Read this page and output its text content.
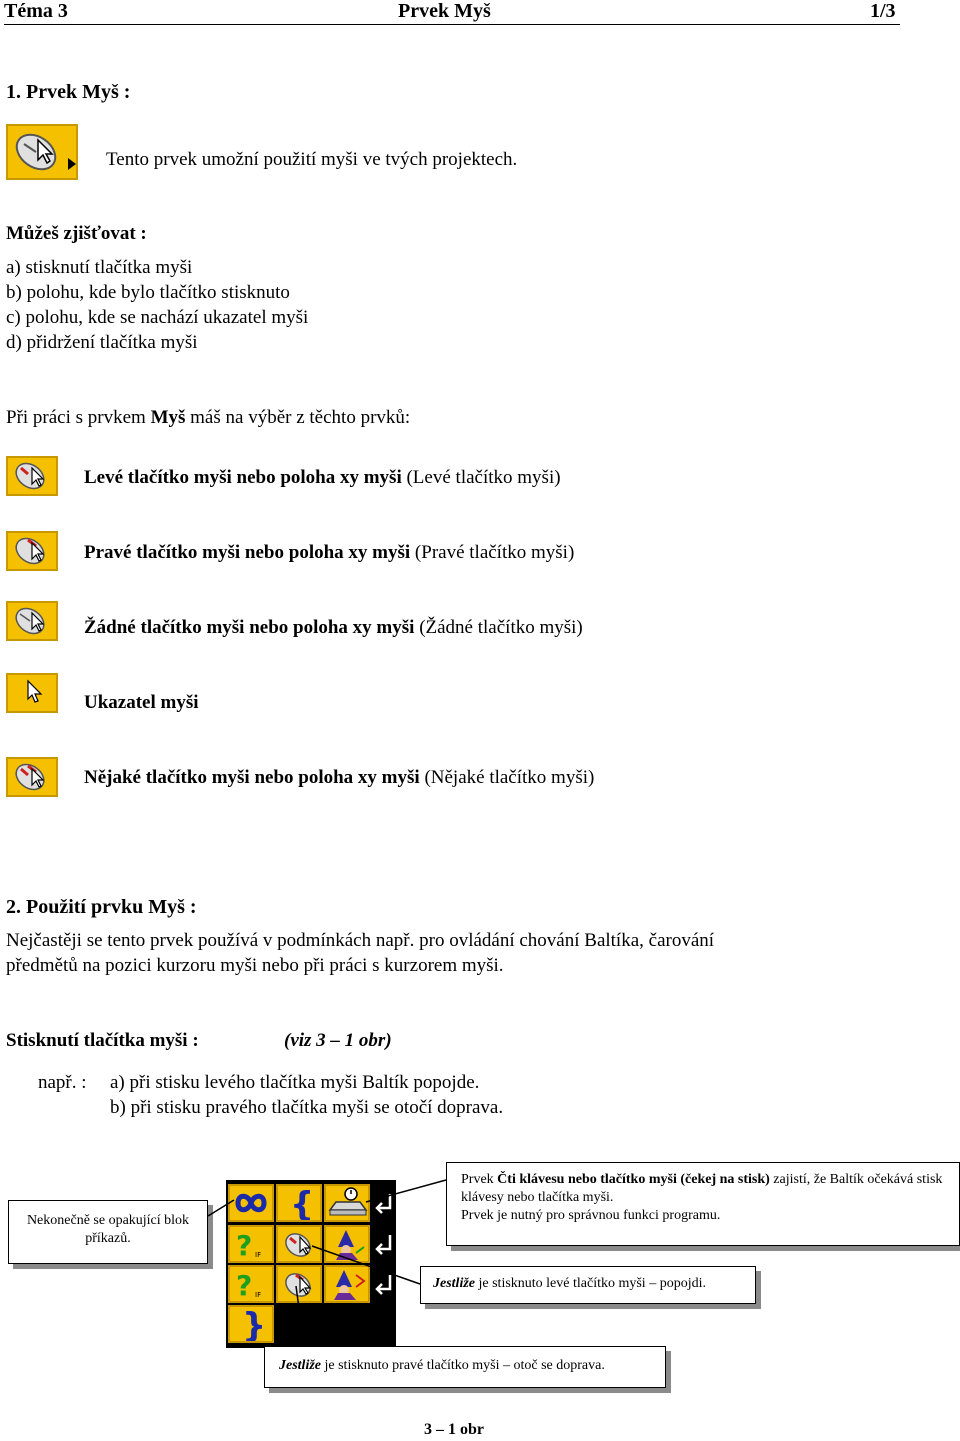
Téma 3	Prvek Myš	1/3
1. Prvek Myš :
Tento prvek umožní použití myši ve tvých projektech.
Můžeš zjišťovat :
a) stisknutí tlačítka myši
b) polohu, kde bylo tlačítko stisknuto
c) polohu, kde se nachází ukazatel myši
d) přidržení tlačítka myši
Při práci s prvkem Myš máš na výběr z těchto prvků:
Levé tlačítko myši nebo poloha xy myši (Levé tlačítko myši)
Pravé tlačítko myši nebo poloha xy myši (Pravé tlačítko myši)
Žádné tlačítko myši nebo poloha xy myši (Žádné tlačítko myši)
Ukazatel myši
Nějaké tlačítko myši nebo poloha xy myši (Nějaké tlačítko myši)
2. Použití prvku Myš :
Nejčastěji se tento prvek používá v podmínkách např. pro ovládání chování Baltíka, čarování
předmětů na pozici kurzoru myši nebo při práci s kurzorem myši.
Stisknutí tlačítka myši :	(viz 3 – 1 obr)
např. : a) při stisku levého tlačítka myši Baltík popojde.
b) při stisku pravého tlačítka myši se otočí doprava.
{
? IF
? IF
}
Nekonečně se opakující blok příkazů.
Prvek Čti klávesu nebo tlačítko myši (čekej na stisk) zajistí, že Baltík očekává stisk klávesy nebo tlačítka myši.
Prvek je nutný pro správnou funkci programu.
Jestliže je stisknuto levé tlačítko myši – popojdi.
Jestliže je stisknuto pravé tlačítko myši – otoč se doprava.
3 – 1 obr
